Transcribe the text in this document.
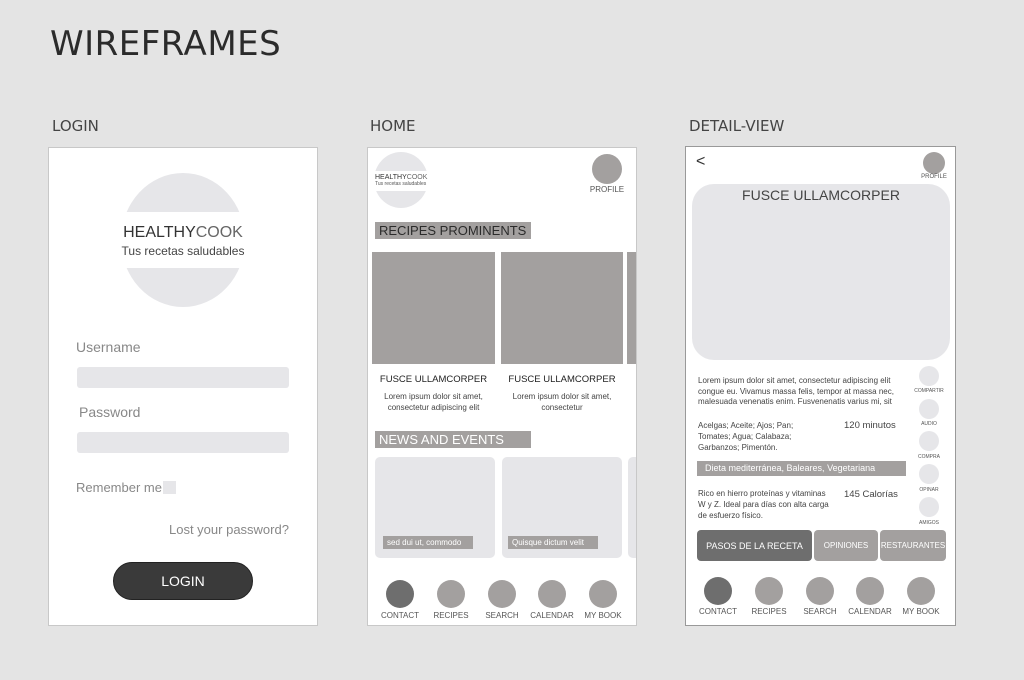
WIREFRAMES
LOGIN	HOME	DETAIL-VIEW
HEALTHYCOOK
Tus recetas saludables
Username
Password
Remember me
Lost your password?
LOGIN
HEALTHYCOOK
Tus recetas saludables
PROFILE
RECIPES PROMINENTS
FUSCE ULLAMCORPER
Lorem ipsum dolor sit amet, consectetur adipiscing elit
FUSCE ULLAMCORPER
Lorem ipsum dolor sit amet, consectetur
NEWS AND EVENTS
sed dui ut, commodo	Quisque dictum velit
CONTACT	RECIPES	SEARCH	CALENDAR	MY BOOK
<
PROFILE
FUSCE ULLAMCORPER
Lorem ipsum dolor sit amet, consectetur adipiscing elit congue eu. Vivamus massa felis, tempor at massa nec, malesuada venenatis enim. Fusvenenatis varius mi, sit
Acelgas; Aceite; Ajos; Pan; Tomates; Agua; Calabaza; Garbanzos; Pimentón.
120 minutos
Dieta mediterránea, Baleares, Vegetariana
Rico en hierro proteínas y vitaminas W y Z. Ideal para días con alta carga de esfuerzo físico.
145 Calorías
COMPARTIR
AUDIO
COMPRA
OPINAR
AMIGOS
PASOS DE LA RECETA	OPINIONES	RESTAURANTES
CONTACT	RECIPES	SEARCH	CALENDAR	MY BOOK
